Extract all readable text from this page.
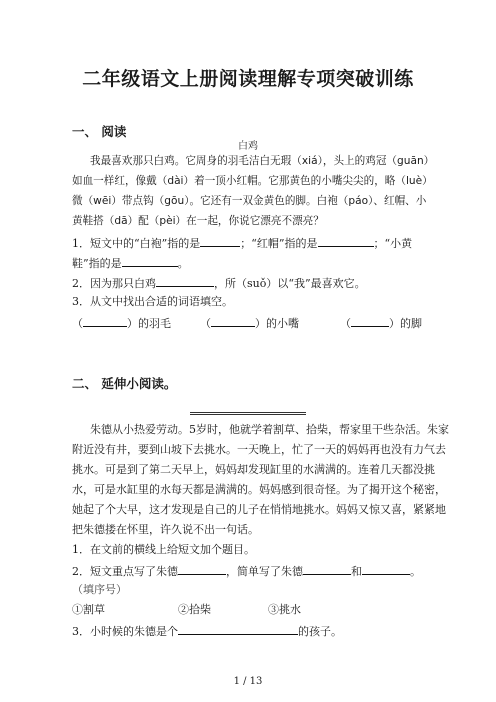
二年级语文上册阅读理解专项突破训练
一、 阅读
白鸡
我最喜欢那只白鸡。它周身的羽毛洁白无瑕（xiá），头上的鸡冠（guān）
如血一样红，像戴（dài）着一顶小红帽。它那黄色的小嘴尖尖的，略（luè）
微（wēi）带点钩（gōu）。它还有一双金黄色的脚。白袍（páo）、红帽、小
黄鞋搭（dā）配（pèi）在一起，你说它漂亮不漂亮？
1．短文中的“白袍”指的是	；“红帽”指的是	；“小黄
鞋”指的是	。
2．因为那只白鸡	，所（suǒ）以“我”最喜欢它。
3．从文中找出合适的词语填空。
（	）的羽毛	（	）的小嘴	（	）的脚
二、 延伸小阅读。
朱德从小热爱劳动。5岁时，他就学着割草、拾柴，帮家里干些杂活。朱家
附近没有井，要到山坡下去挑水。一天晚上，忙了一天的妈妈再也没有力气去
挑水。可是到了第二天早上，妈妈却发现缸里的水满满的。连着几天都没挑
水，可是水缸里的水每天都是满满的。妈妈感到很奇怪。为了揭开这个秘密，
她起了个大早，这才发现是自己的儿子在悄悄地挑水。妈妈又惊又喜，紧紧地
把朱德搂在怀里，许久说不出一句话。
1．在文前的横线上给短文加个题目。
2．短文重点写了朱德	，简单写了朱德	和	。
（填序号）
①割草	②拾柴	③挑水
3．小时候的朱德是个	的孩子。
1 / 13
